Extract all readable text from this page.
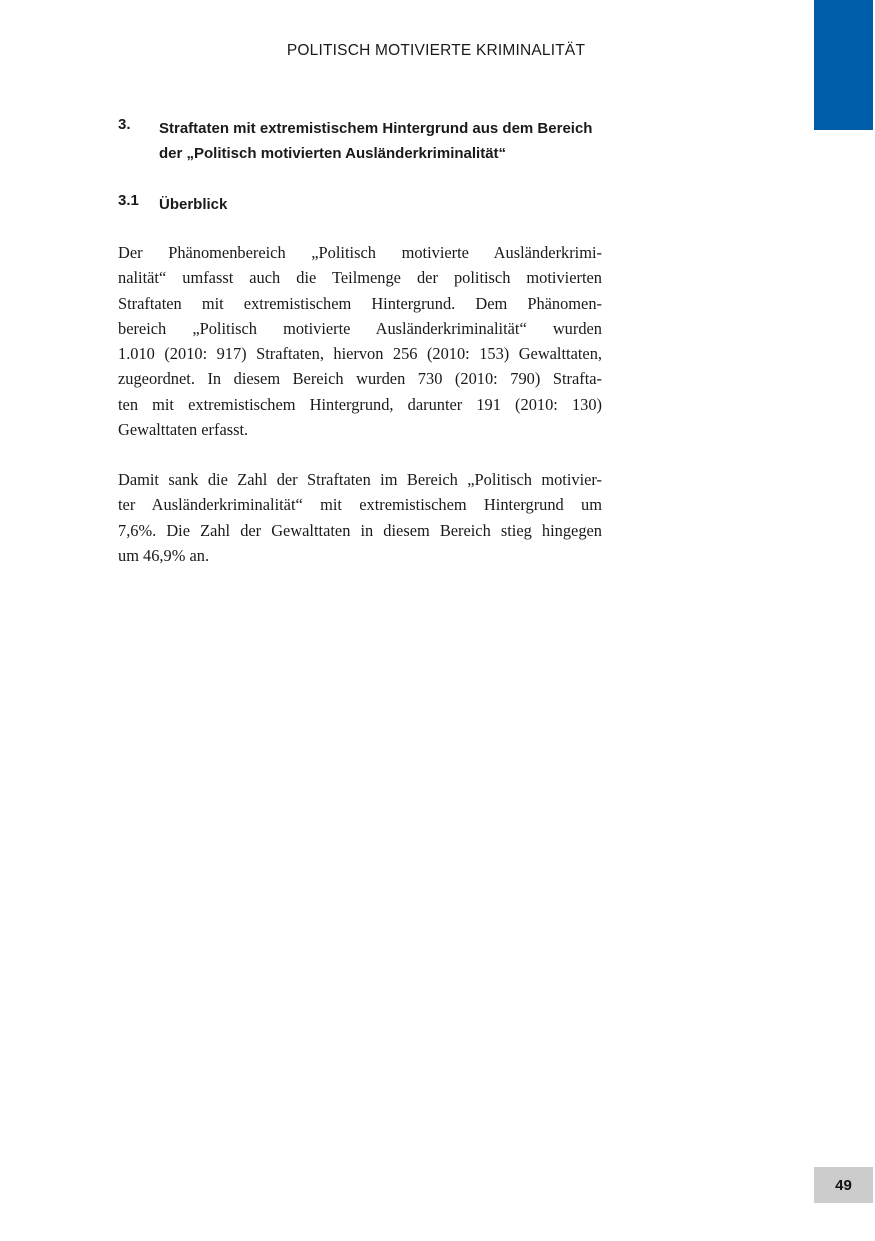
POLITISCH MOTIVIERTE KRIMINALITÄT
3. Straftaten mit extremistischem Hintergrund aus dem Bereich
der „Politisch motivierten Ausländerkriminalität“
3.1 Überblick
Der Phänomenbereich „Politisch motivierte Ausländerkrimi-
nalität“ umfasst auch die Teilmenge der politisch motivierten
Straftaten mit extremistischem Hintergrund. Dem Phänomen-
bereich „Politisch motivierte Ausländerkriminalität“ wurden
1.010 (2010: 917) Straftaten, hiervon 256 (2010: 153) Gewalttaten,
zugeordnet. In diesem Bereich wurden 730 (2010: 790) Strafta-
ten mit extremistischem Hintergrund, darunter 191 (2010: 130)
Gewalttaten erfasst.
Damit sank die Zahl der Straftaten im Bereich „Politisch motivier-
ter Ausländerkriminalität“ mit extremistischem Hintergrund um
7,6%. Die Zahl der Gewalttaten in diesem Bereich stieg hingegen
um 46,9% an.
49
